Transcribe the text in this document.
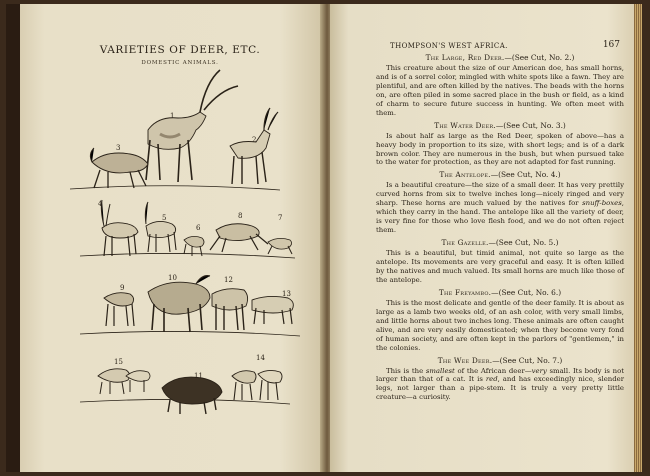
VARIETIES OF DEER, ETC.
DOMESTIC ANIMALS.
1
2
3
4
5
6
8	7
9
10	12
13
15
11
14
THOMPSON'S WEST AFRICA.	167
The Large, Red Deer.—(See Cut, No. 2.)

This creature about the size of our American doe, has small horns, and is of a sorrel color, mingled with white spots like a fawn. They are plentiful, and are often killed by the natives. The beads with the horns on, are often piled in some sacred place in the bush or field, as a kind of charm to secure future success in hunting. We often meet with them.

The Water Deer.—(See Cut, No. 3.)

Is about half as large as the Red Deer, spoken of above—has a heavy body in proportion to its size, with short legs; and is of a dark brown color. They are numerous in the bush, but when pursued take to the water for protection, as they are not adapted for fast running.

The Antelope.—(See Cut, No. 4.)

Is a beautiful creature—the size of a small deer. It has very prettily curved horns from six to twelve inches long—nicely ringed and very sharp. These horns are much valued by the natives for snuff-boxes, which they carry in the hand. The antelope like all the variety of deer, is very fine for those who love flesh food, and we do not often reject them.

The Gazelle.—(See Cut, No. 5.)

This is a beautiful, but timid animal, not quite so large as the antelope. Its movements are very graceful and easy. It is often killed by the natives and much valued. Its small horns are much like those of the antelope.

The Freyambo.—(See Cut, No. 6.)

This is the most delicate and gentle of the deer family. It is about as large as a lamb two weeks old, of an ash color, with very small limbs, and little horns about two inches long. These animals are often caught alive, and are very easily domesticated; when they become very fond of human society, and are often kept in the parlors of "gentlemen," in the colonies.

The Wee Deer.—(See Cut, No. 7.)

This is the smallest of the African deer—very small. Its body is not larger than that of a cat. It is red, and has exceedingly nice, slender legs, not larger than a pipe-stem. It is truly a very pretty little creature—a curiosity.
